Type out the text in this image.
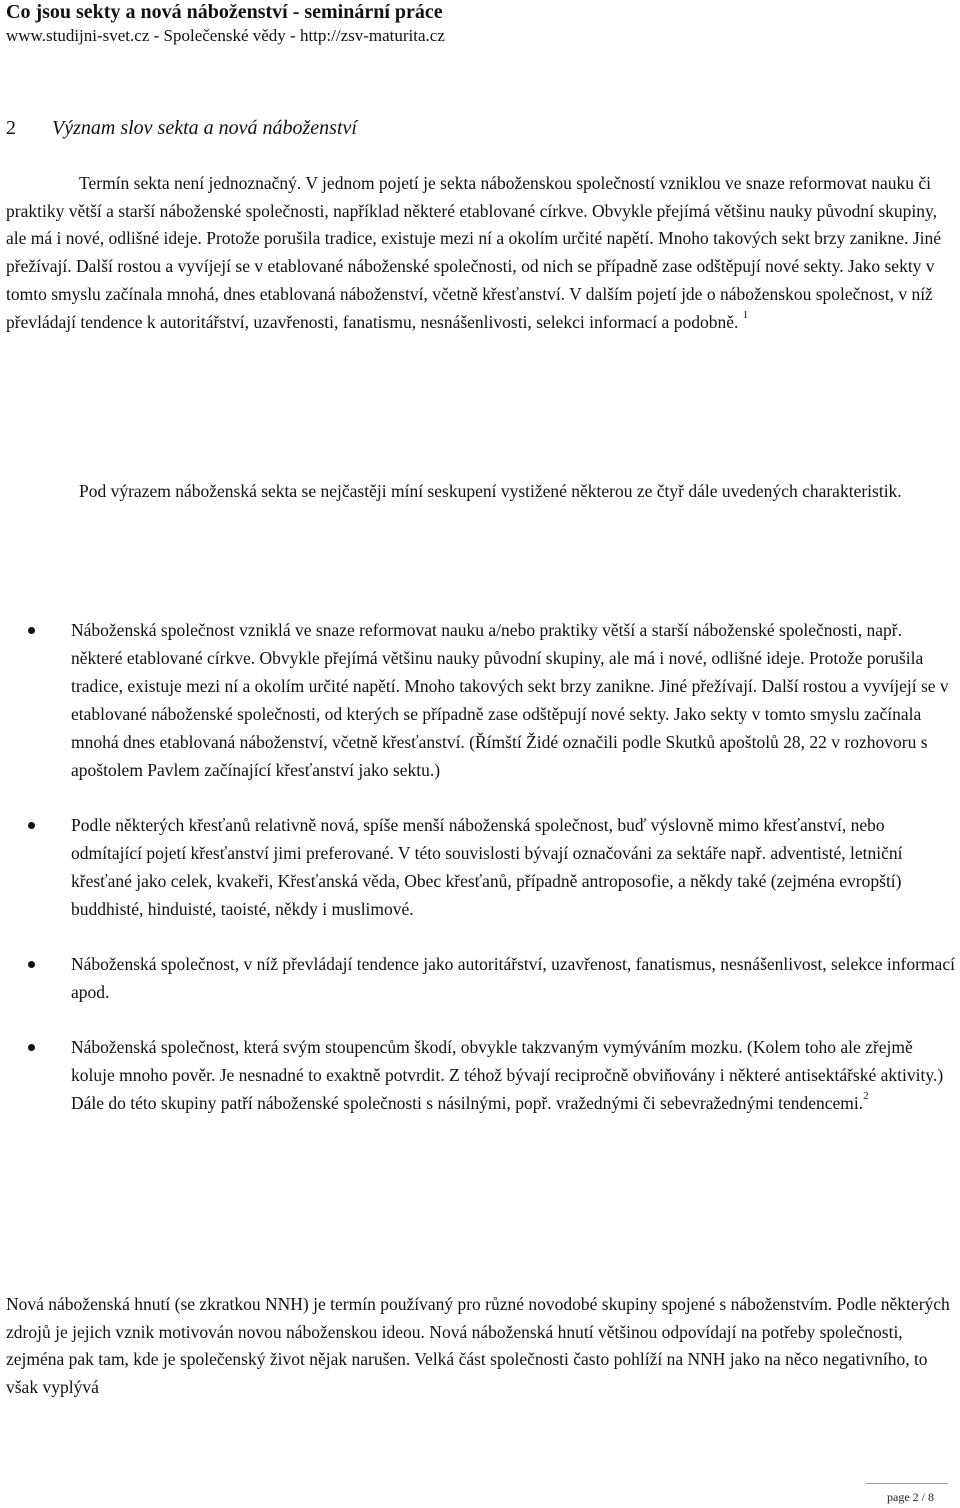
Co jsou sekty a nová náboženství - seminární práce
www.studijni-svet.cz - Společenské vědy - http://zsv-maturita.cz
2 Význam slov sekta a nová náboženství

Termín sekta není jednoznačný. V jednom pojetí je sekta náboženskou společností vzniklou ve snaze reformovat nauku či praktiky větší a starší náboženské společnosti, například některé etablované církve. Obvykle přejímá většinu nauky původní skupiny, ale má i nové, odlišné ideje. Protože porušila tradice, existuje mezi ní a okolím určité napětí. Mnoho takových sekt brzy zanikne. Jiné přežívají. Další rostou a vyvíjejí se v etablované náboženské společnosti, od nich se případně zase odštěpují nové sekty. Jako sekty v tomto smyslu začínala mnohá, dnes etablovaná náboženství, včetně křesťanství. V dalším pojetí jde o náboženskou společnost, v níž převládají tendence k autoritářství, uzavřenosti, fanatismu, nesnášenlivosti, selekci informací a podobně. $^1$

Pod výrazem náboženská sekta se nejčastěji míní seskupení vystižené některou ze čtyř dále uvedených charakteristik.

Náboženská společnost vzniklá ve snaze reformovat nauku a/nebo praktiky větší a starší náboženské společnosti, např. některé etablované církve. Obvykle přejímá většinu nauky původní skupiny, ale má i nové, odlišné ideje. Protože porušila tradice, existuje mezi ní a okolím určité napětí. Mnoho takových sekt brzy zanikne. Jiné přežívají. Další rostou a vyvíjejí se v etablované náboženské společnosti, od kterých se případně zase odštěpují nové sekty. Jako sekty v tomto smyslu začínala mnohá dnes etablovaná náboženství, včetně křesťanství. (Římští Židé označili podle Skutků apoštolů 28, 22 v rozhovoru s apoštolem Pavlem začínající křesťanství jako sektu.)
Podle některých křesťanů relativně nová, spíše menší náboženská společnost, buď výslovně mimo křesťanství, nebo odmítající pojetí křesťanství jimi preferované. V této souvislosti bývají označováni za sektáře např. adventisté, letniční křesťané jako celek, kvakeři, Křesťanská věda, Obec křesťanů, případně antroposofie, a někdy také (zejména evropští) buddhisté, hinduisté, taoisté, někdy i muslimové.
Náboženská společnost, v níž převládají tendence jako autoritářství, uzavřenost, fanatismus, nesnášenlivost, selekce informací apod.
Náboženská společnost, která svým stoupencům škodí, obvykle takzvaným vymýváním mozku. (Kolem toho ale zřejmě koluje mnoho pověr. Je nesnadné to exaktně potvrdit. Z téhož bývají recipročně obviňovány i některé antisektářské aktivity.) Dále do této skupiny patří náboženské společnosti s násilnými, popř. vražednými či sebevražednými tendencemi.$^2$

Nová náboženská hnutí (se zkratkou NNH) je termín používaný pro různé novodobé skupiny spojené s náboženstvím. Podle některých zdrojů je jejich vznik motivován novou náboženskou ideou. Nová náboženská hnutí většinou odpovídají na potřeby společnosti, zejména pak tam, kde je společenský život nějak narušen. Velká část společnosti často pohlíží na NNH jako na něco negativního, to však vyplývá

page 2 / 8
